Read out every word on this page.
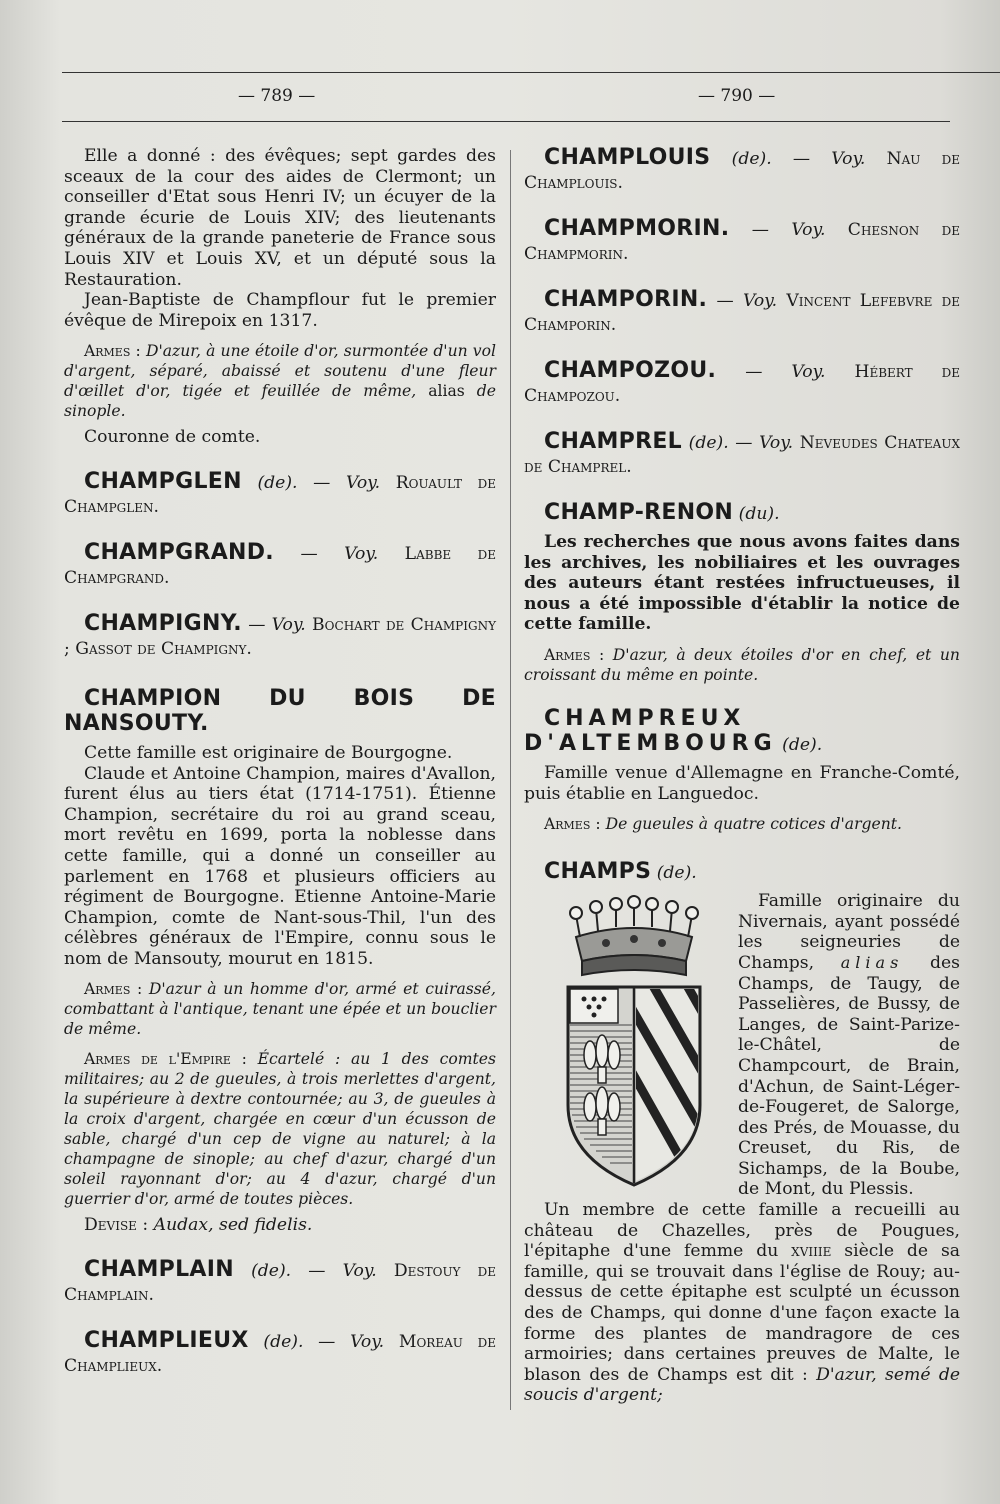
— 789 —	— 790 —

Elle a donné : des évêques; sept gardes des sceaux de la cour des aides de Clermont; un conseiller d'Etat sous Henri IV; un écuyer de la grande écurie de Louis XIV; des lieutenants généraux de la grande paneterie de France sous Louis XIV et Louis XV, et un député sous la Restauration.

Jean-Baptiste de Champflour fut le premier évêque de Mirepoix en 1317.

Armes : D'azur, à une étoile d'or, surmontée d'un vol d'argent, séparé, abaissé et soutenu d'une fleur d'œillet d'or, tigée et feuillée de même, alias de sinople.

Couronne de comte.

CHAMPGLEN (de). — Voy. Rouault de Champglen.

CHAMPGRAND. — Voy. Labbe de Champgrand.

CHAMPIGNY. — Voy. Bochart de Champigny ; Gassot de Champigny.

CHAMPION DU BOIS DE NANSOUTY.

Cette famille est originaire de Bourgogne.

Claude et Antoine Champion, maires d'Avallon, furent élus au tiers état (1714-1751). Étienne Champion, secrétaire du roi au grand sceau, mort revêtu en 1699, porta la noblesse dans cette famille, qui a donné un conseiller au parlement en 1768 et plusieurs officiers au régiment de Bourgogne. Etienne Antoine-Marie Champion, comte de Nant-sous-Thil, l'un des célèbres généraux de l'Empire, connu sous le nom de Mansouty, mourut en 1815.

Armes : D'azur à un homme d'or, armé et cuirassé, combattant à l'antique, tenant une épée et un bouclier de même.

Armes de l'Empire : Écartelé : au 1 des comtes militaires; au 2 de gueules, à trois merlettes d'argent, la supérieure à dextre contournée; au 3, de gueules à la croix d'argent, chargée en cœur d'un écusson de sable, chargé d'un cep de vigne au naturel; à la champagne de sinople; au chef d'azur, chargé d'un soleil rayonnant d'or; au 4 d'azur, chargé d'un guerrier d'or, armé de toutes pièces.

Devise : Audax, sed fidelis.

CHAMPLAIN (de). — Voy. Destouy de Champlain.

CHAMPLIEUX (de). — Voy. Moreau de Champlieux.

CHAMPLOUIS (de). — Voy. Nau de Champlouis.

CHAMPMORIN. — Voy. Chesnon de Champmorin.

CHAMPORIN. — Voy. Vincent Lefebvre de Champorin.

CHAMPOZOU. — Voy. Hébert de Champozou.

CHAMPREL (de). — Voy. Neveudes Chateaux de Champrel.

CHAMP-RENON (du).

Les recherches que nous avons faites dans les archives, les nobiliaires et les ouvrages des auteurs étant restées infructueuses, il nous a été impossible d'établir la notice de cette famille.

Armes : D'azur, à deux étoiles d'or en chef, et un croissant du même en pointe.

CHAMPREUX D'ALTEMBOURG (de).

Famille venue d'Allemagne en Franche-Comté, puis établie en Languedoc.

Armes : De gueules à quatre cotices d'argent.

CHAMPS (de).

Famille originaire du Nivernais, ayant possédé les seigneuries de Champs, alias des Champs, de Taugy, de Passelières, de Bussy, de Langes, de Saint-Parize-le-Châtel, de Champcourt, de Brain, d'Achun, de Saint-Léger-de-Fougeret, de Salorge, des Prés, de Mouasse, du Creuset, du Ris, de Sichamps, de la Boube, de Mont, du Plessis.

Un membre de cette famille a recueilli au château de Chazelles, près de Pougues, l'épitaphe d'une femme du xviiie siècle de sa famille, qui se trouvait dans l'église de Rouy; au-dessus de cette épitaphe est sculpté un écusson des de Champs, qui donne d'une façon exacte la forme des plantes de mandragore de ces armoiries; dans certaines preuves de Malte, le blason des de Champs est dit : D'azur, semé de soucis d'argent;
